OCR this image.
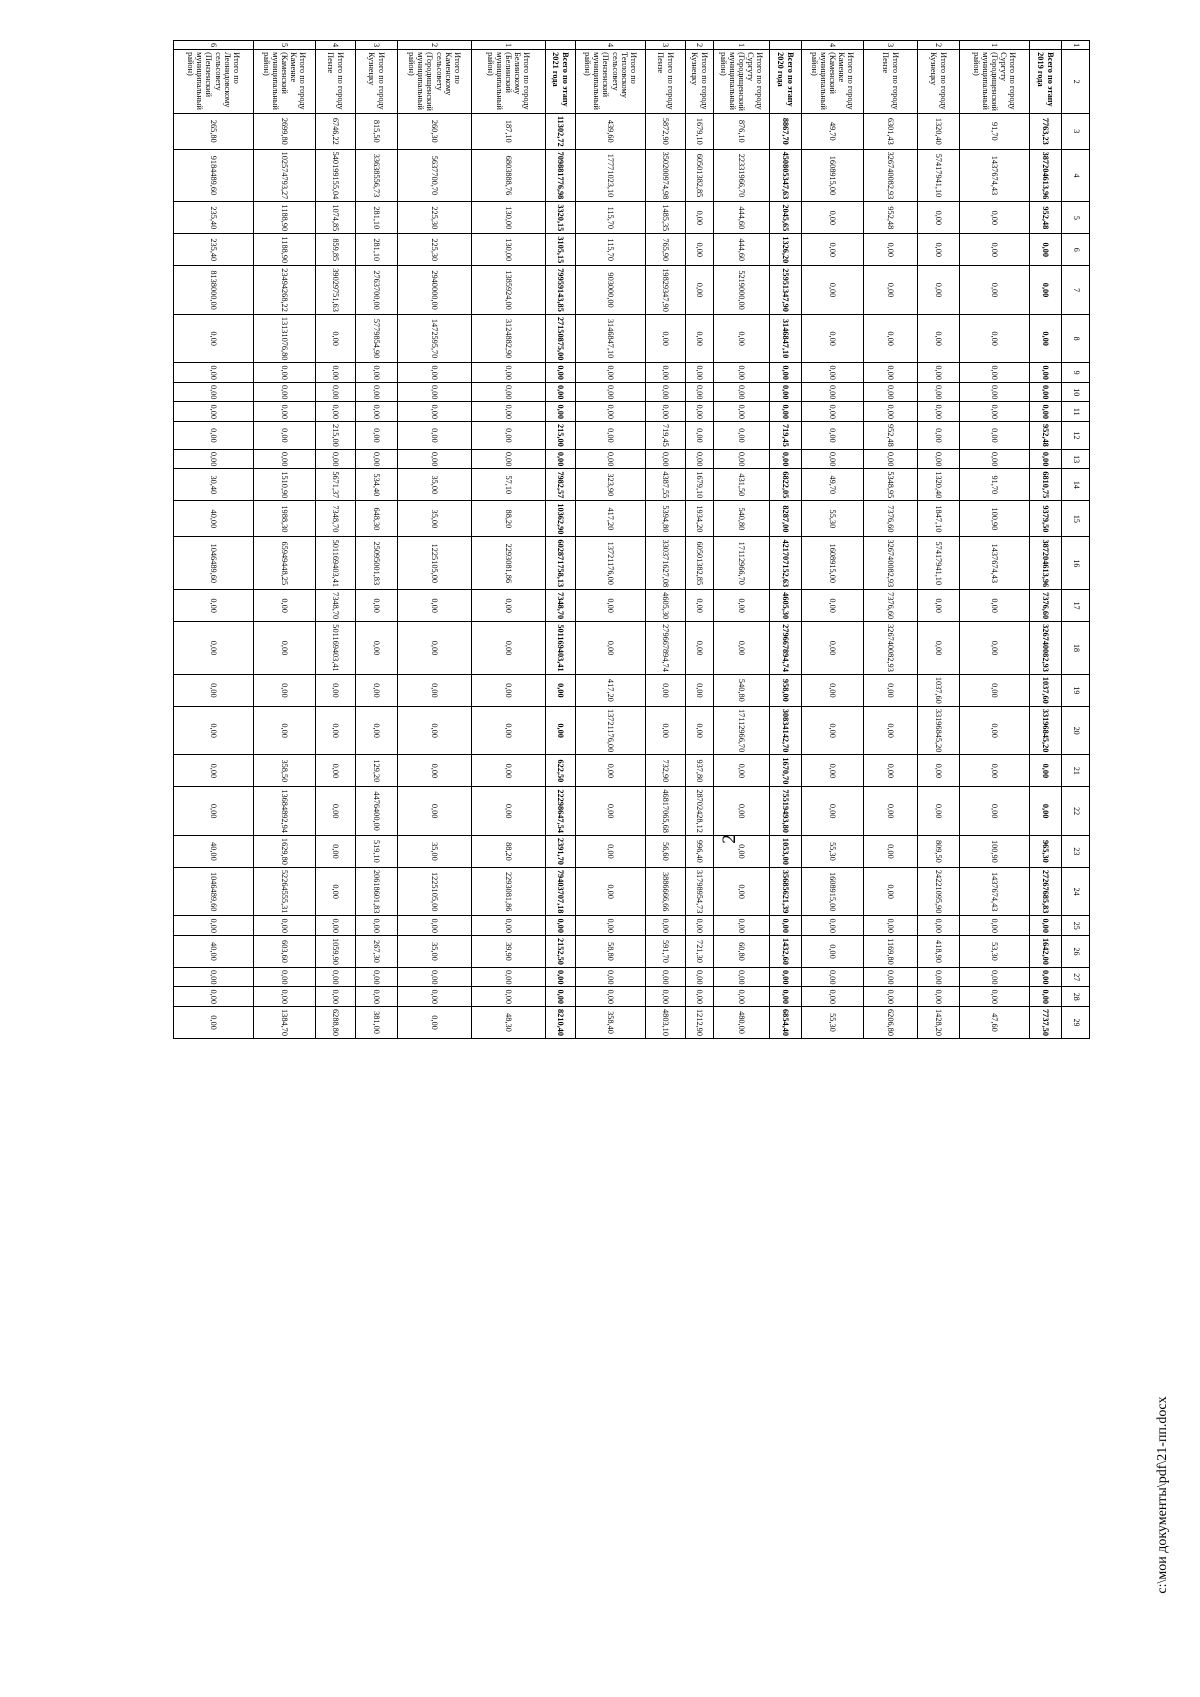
2
1	2	3	4	5	6	7	8	9	10	11	12	13	14	15	16	17	18	19	20	21	22	23	24	25	26	27	28	29
	Всего по этапу 2019 года	7763,23	387204613,96	952,48	0,00	0,00	0,00	0,00	0,00	0,00	952,48	0,00	6810,75	9379,50	387204613,96	7376,60	326740082,93	1037,60	33196845,20	0,00	0,00	965,30	27267685,83	0,00	1642,00	0,00	0,00	7737,50
1	Итого по городу Сургуту (Городищенский муниципальный район)	91,70	1437674,43	0,00	0,00	0,00	0,00	0,00	0,00	0,00	0,00	0,00	91,70	100,90	1437674,43	0,00	0,00	0,00	0,00	0,00	0,00	100,90	1437674,43	0,00	53,30	0,00	0,00	47,60
2	Итого по городу Кузнецку	1320,40	57417941,10	0,00	0,00	0,00	0,00	0,00	0,00	0,00	0,00	0,00	1320,40	1847,10	57417941,10	0,00	0,00	1037,60	33196845,20	0,00	0,00	809,50	24221095,90	0,00	418,90	0,00	0,00	1428,20
3	Итого по городу Пензе	6301,43	326740082,93	952,48	0,00	0,00	0,00	0,00	0,00	0,00	952,48	0,00	5348,95	7376,60	326740082,93	7376,60	326740082,93	0,00	0,00	0,00	0,00	0,00	0,00	0,00	1169,80	0,00	0,00	6206,80
4	Итого по городу Каменке (Каменский муниципальный район)	49,70	1608915,00	0,00	0,00	0,00	0,00	0,00	0,00	0,00	0,00	0,00	49,70	55,30	1608915,00	0,00	0,00	0,00	0,00	0,00	0,00	55,30	1608915,00	0,00	0,00	0,00	0,00	55,30
	Всего по этапу 2020 года	8867,70	450805347,63	2045,65	1326,20	25951347,90	3146847,10	0,00	0,00	0,00	719,45	0,00	6822,05	8287,00	421707152,63	4605,30	279667894,74	958,00	30834142,70	1670,70	75519493,80	1053,00	35685621,39	0,00	1432,60	0,00	0,00	6854,40
1	Итого по городу Сургуту (Городищенский муниципальный район)	876,10	22331966,70	444,60	444,60	5219000,00	0,00	0,00	0,00	0,00	0,00	0,00	431,50	540,80	17112966,70	0,00	0,00	540,80	17112966,70	0,00	0,00	0,00	0,00	0,00	60,80	0,00	0,00	480,00
2	Итого по городу Кузнецку	1679,10	60501382,85	0,00	0,00	0,00	0,00	0,00	0,00	0,00	0,00	0,00	1679,10	1934,20	60501382,85	0,00	0,00	0,00	0,00	937,80	28702428,12	996,40	31798954,73	0,00	721,30	0,00	0,00	1212,90
3	Итого по городу Пензе	5872,90	350200974,98	1485,35	765,90	19829347,90	0,00	0,00	0,00	0,00	719,45	0,00	4387,55	5394,80	330371627,08	4605,30	279667894,74	0,00	0,00	732,90	46817065,68	56,60	3886666,66	0,00	591,70	0,00	0,00	4803,10
4	Итого по Тепловскому сельсовету (Пензенский муниципальный район)	439,60	17771023,10	115,70	115,70	903000,00	3146847,10	0,00	0,00	0,00	0,00	0,00	323,90	417,20	13721176,00	0,00	0,00	417,20	13721176,00	0,00	0,00	0,00	0,00	0,00	58,80	0,00	0,00	358,40
	Всего по этапу 2021 года	11302,72	709881776,98	3320,15	3105,15	79959143,85	27150875,00	0,00	0,00	0,00	215,00	0,00	7982,57	10362,90	602871758,13	7348,70	501169403,41	0,00	0,00	622,50	22298647,54	2391,70	79403707,18	0,00	2152,50	0,00	0,00	8210,40
1	Итого по городу Белинскому (Белинский муниципальный район)	187,10	6803888,76	130,00	130,00	1385924,00	3124882,90	0,00	0,00	0,00	0,00	0,00	57,10	88,20	2293081,86	0,00	0,00	0,00	0,00	0,00	0,00	88,20	2293081,86	0,00	39,90	0,00	0,00	48,30
2	Итого по Каменскому сельсовету (Городищенский муниципальный район)	260,30	5637700,70	225,30	225,30	2940000,00	1472595,70	0,00	0,00	0,00	0,00	0,00	35,00	35,00	1225105,00	0,00	0,00	0,00	0,00	0,00	0,00	35,00	1225105,00	0,00	35,00	0,00	0,00	0,00
3	Итого по городу Кузнецку	815,50	33638556,73	281,10	281,10	2763700,00	5779854,90	0,00	0,00	0,00	0,00	0,00	534,40	648,30	25095001,83	0,00	0,00	0,00	0,00	129,20	4476400,00	519,10	20618601,83	0,00	267,30	0,00	0,00	381,00
4	Итого по городу Пензе	6746,22	540199155,04	1074,85	859,85	39029751,63	0,00	0,00	0,00	0,00	215,00	0,00	5671,37	7348,70	501169403,41	7348,70	501169403,41	0,00	0,00	0,00	0,00	0,00	0,00	0,00	1059,90	0,00	0,00	6288,80
5	Итого по городу Каменке (Каменский муниципальный район)	2699,80	102574793,27	1188,90	1188,90	23494268,22	13131076,80	0,00	0,00	0,00	0,00	0,00	1510,90	1988,30	65949448,25	0,00	0,00	0,00	0,00	358,50	13684892,94	1629,80	52264555,31	0,00	603,60	0,00	0,00	1384,70
6	Итого по Леонидовскому сельсовету (Пензенский муниципальный район)	265,80	9184489,60	235,40	235,40	8138000,00	0,00	0,00	0,00	0,00	0,00	0,00	30,40	40,00	1046489,60	0,00	0,00	0,00	0,00	0,00	0,00	40,00	1046489,60	0,00	40,00	0,00	0,00	0,00
c:\мои документы\pdf\21-пп.docx
